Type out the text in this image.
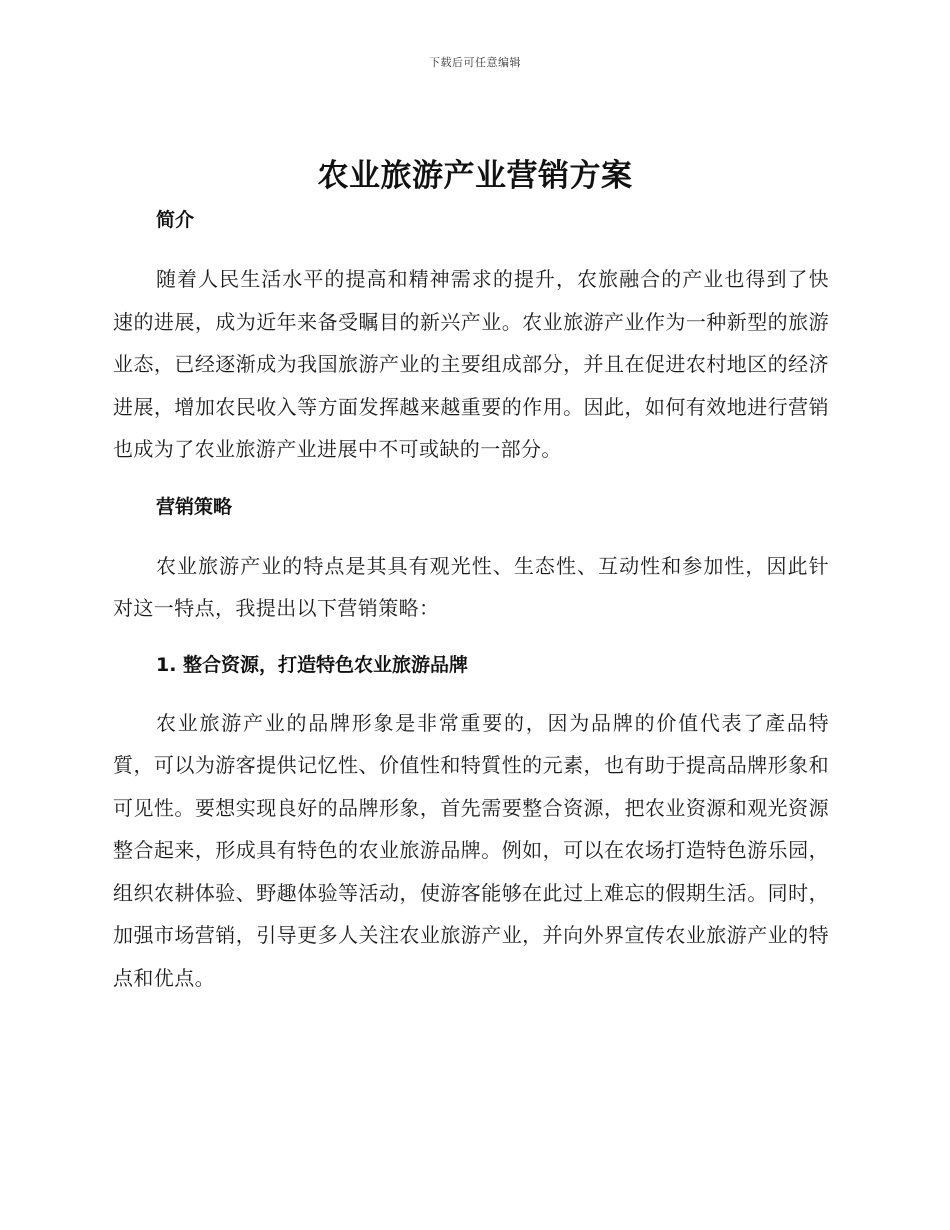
下载后可任意编辑
农业旅游产业营销方案
简介

随着人民生活水平的提高和精神需求的提升，农旅融合的产业也得到了快速的进展，成为近年来备受瞩目的新兴产业。农业旅游产业作为一种新型的旅游业态，已经逐渐成为我国旅游产业的主要组成部分，并且在促进农村地区的经济进展，增加农民收入等方面发挥越来越重要的作用。因此，如何有效地进行营销也成为了农业旅游产业进展中不可或缺的一部分。

营销策略

农业旅游产业的特点是其具有观光性、生态性、互动性和参加性，因此针对这一特点，我提出以下营销策略：

1. 整合资源，打造特色农业旅游品牌

农业旅游产业的品牌形象是非常重要的，因为品牌的价值代表了產品特質，可以为游客提供记忆性、价值性和特質性的元素，也有助于提高品牌形象和可见性。要想实现良好的品牌形象，首先需要整合资源，把农业资源和观光资源整合起来，形成具有特色的农业旅游品牌。例如，可以在农场打造特色游乐园，组织农耕体验、野趣体验等活动，使游客能够在此过上难忘的假期生活。同时，加强市场营销，引导更多人关注农业旅游产业，并向外界宣传农业旅游产业的特点和优点。
